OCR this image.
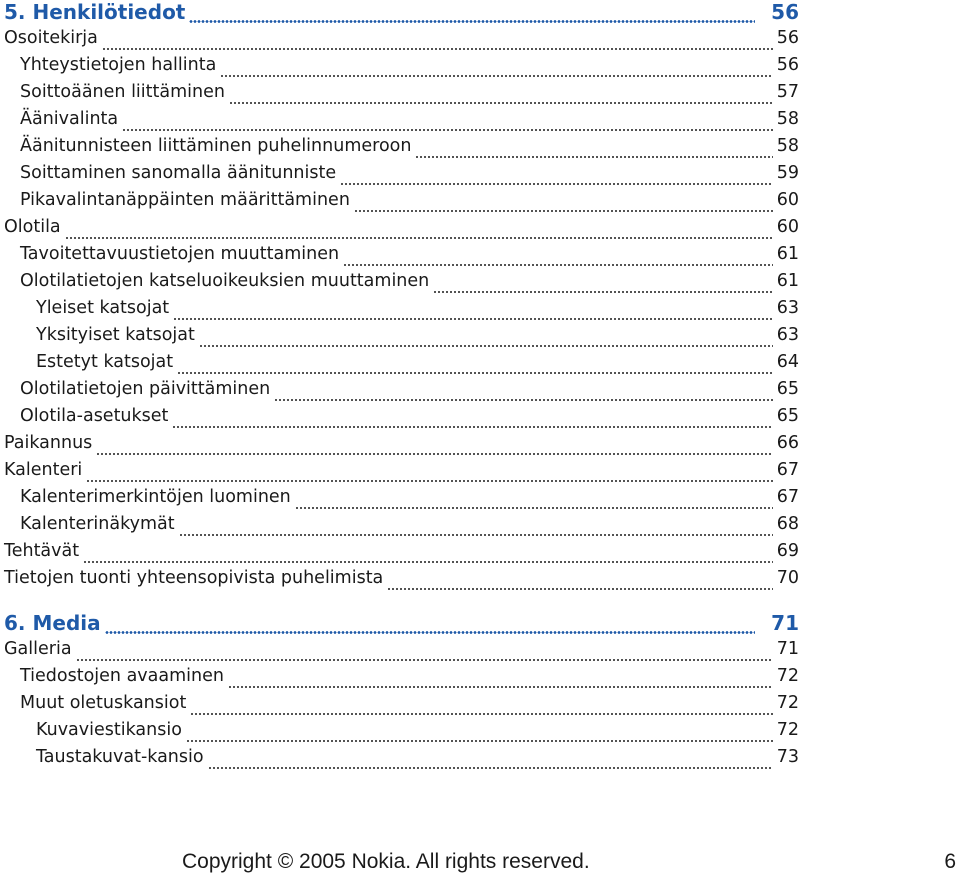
5. Henkilötiedot	56
Osoitekirja	56
Yhteystietojen hallinta	56
Soittoäänen liittäminen	57
Äänivalinta	58
Äänitunnisteen liittäminen puhelinnumeroon	58
Soittaminen sanomalla äänitunniste	59
Pikavalintanäppäinten määrittäminen	60
Olotila	60
Tavoitettavuustietojen muuttaminen	61
Olotilatietojen katseluoikeuksien muuttaminen	61
Yleiset katsojat	63
Yksityiset katsojat	63
Estetyt katsojat	64
Olotilatietojen päivittäminen	65
Olotila-asetukset	65
Paikannus	66
Kalenteri	67
Kalenterimerkintöjen luominen	67
Kalenterinäkymät	68
Tehtävät	69
Tietojen tuonti yhteensopivista puhelimista	70
6. Media	71
Galleria	71
Tiedostojen avaaminen	72
Muut oletuskansiot	72
Kuvaviestikansio	72
Taustakuvat-kansio	73
Copyright © 2005 Nokia. All rights reserved.	6
